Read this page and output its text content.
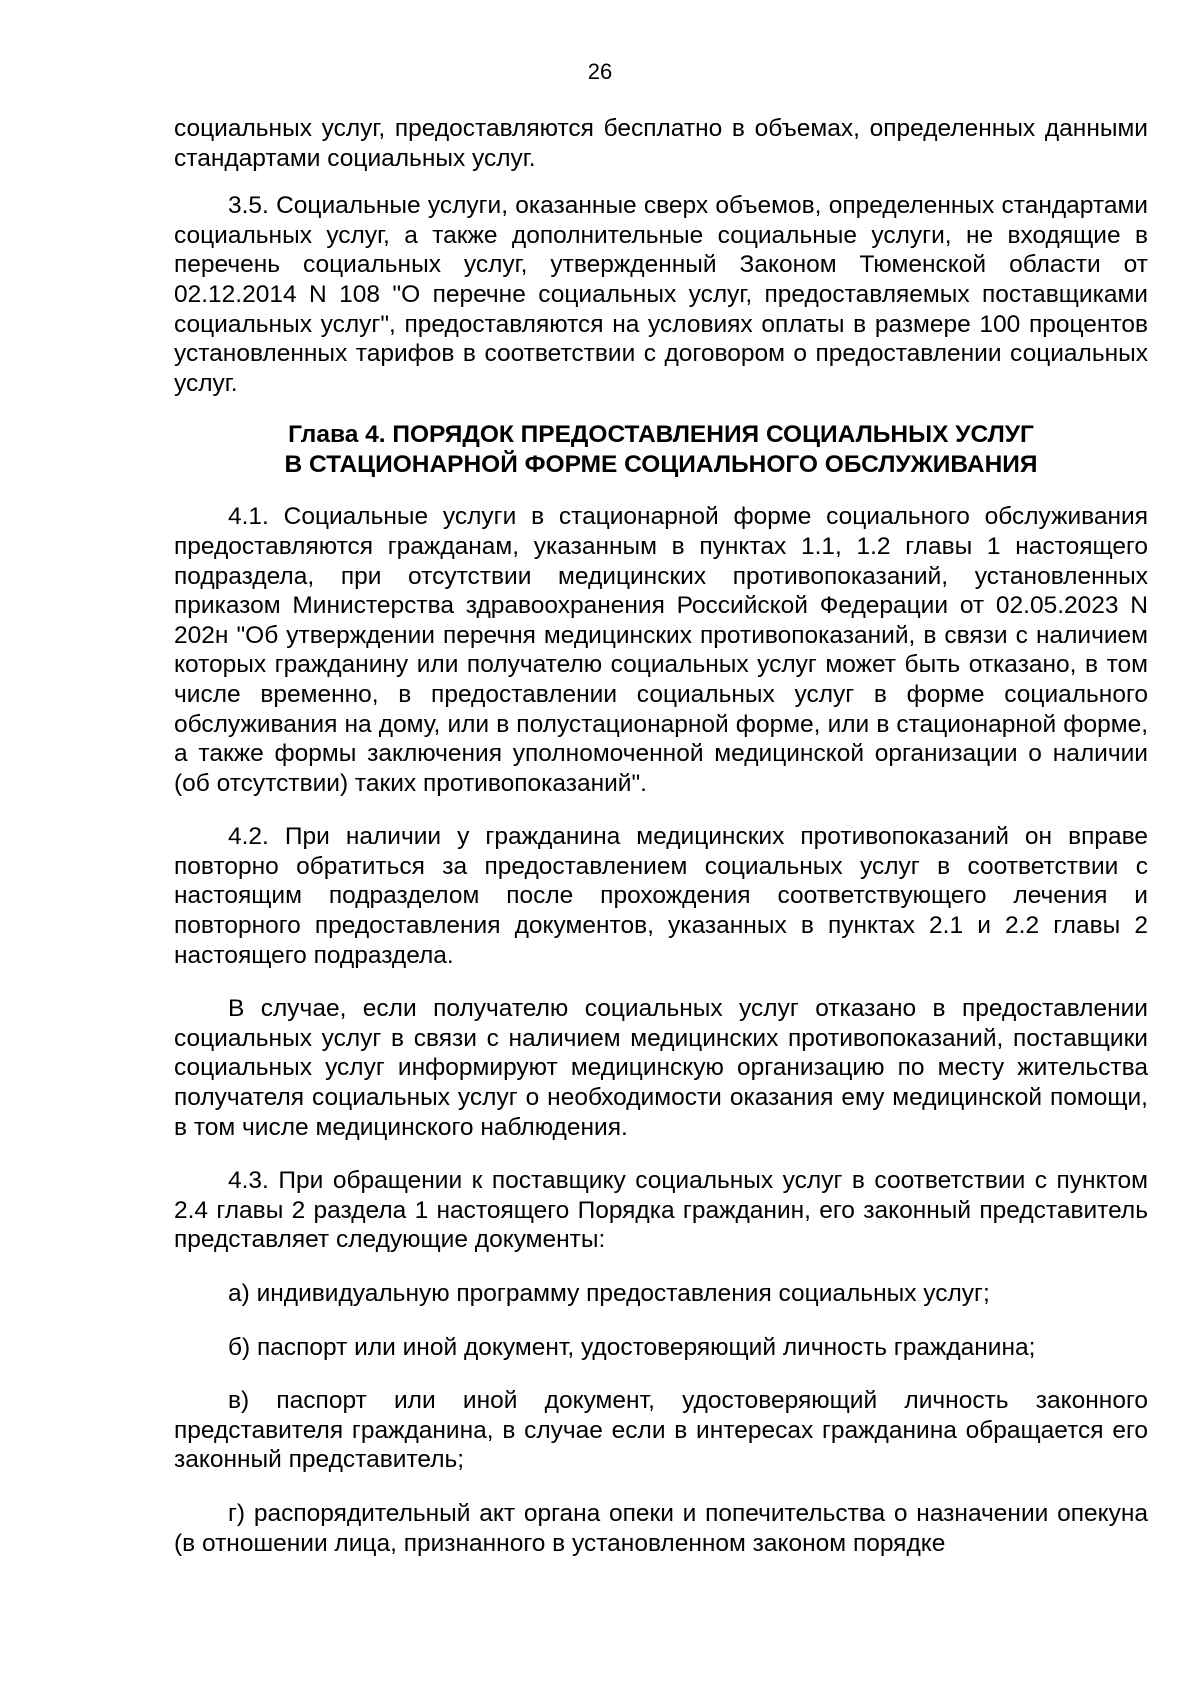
26

социальных услуг, предоставляются бесплатно в объемах, определенных данными стандартами социальных услуг.

3.5. Социальные услуги, оказанные сверх объемов, определенных стандартами социальных услуг, а также дополнительные социальные услуги, не входящие в перечень социальных услуг, утвержденный Законом Тюменской области от 02.12.2014 N 108 "О перечне социальных услуг, предоставляемых поставщиками социальных услуг", предоставляются на условиях оплаты в размере 100 процентов установленных тарифов в соответствии с договором о предоставлении социальных услуг.

Глава 4. ПОРЯДОК ПРЕДОСТАВЛЕНИЯ СОЦИАЛЬНЫХ УСЛУГ
В СТАЦИОНАРНОЙ ФОРМЕ СОЦИАЛЬНОГО ОБСЛУЖИВАНИЯ

4.1. Социальные услуги в стационарной форме социального обслуживания предоставляются гражданам, указанным в пунктах 1.1, 1.2 главы 1 настоящего подраздела, при отсутствии медицинских противопоказаний, установленных приказом Министерства здравоохранения Российской Федерации от 02.05.2023 N 202н "Об утверждении перечня медицинских противопоказаний, в связи с наличием которых гражданину или получателю социальных услуг может быть отказано, в том числе временно, в предоставлении социальных услуг в форме социального обслуживания на дому, или в полустационарной форме, или в стационарной форме, а также формы заключения уполномоченной медицинской организации о наличии (об отсутствии) таких противопоказаний".

4.2. При наличии у гражданина медицинских противопоказаний он вправе повторно обратиться за предоставлением социальных услуг в соответствии с настоящим подразделом после прохождения соответствующего лечения и повторного предоставления документов, указанных в пунктах 2.1 и 2.2 главы 2 настоящего подраздела.

В случае, если получателю социальных услуг отказано в предоставлении социальных услуг в связи с наличием медицинских противопоказаний, поставщики социальных услуг информируют медицинскую организацию по месту жительства получателя социальных услуг о необходимости оказания ему медицинской помощи, в том числе медицинского наблюдения.

4.3. При обращении к поставщику социальных услуг в соответствии с пунктом 2.4 главы 2 раздела 1 настоящего Порядка гражданин, его законный представитель представляет следующие документы:

а) индивидуальную программу предоставления социальных услуг;

б) паспорт или иной документ, удостоверяющий личность гражданина;

в) паспорт или иной документ, удостоверяющий личность законного представителя гражданина, в случае если в интересах гражданина обращается его законный представитель;

г) распорядительный акт органа опеки и попечительства о назначении опекуна (в отношении лица, признанного в установленном законом порядке
